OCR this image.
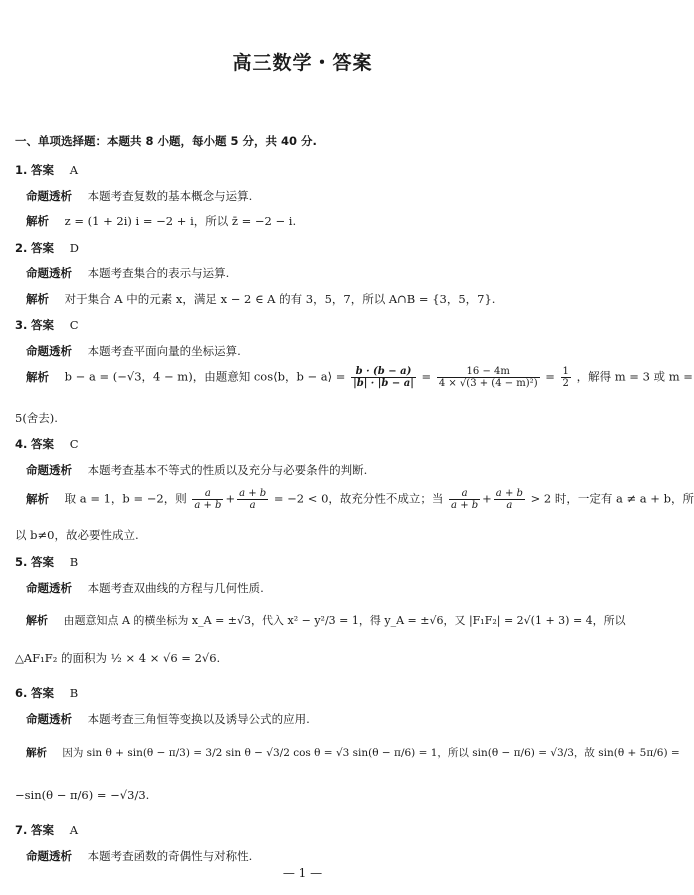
高三数学・答案
一、单项选择题：本题共 8 小题，每小题 5 分，共 40 分.
1. 答案 A
命题透析 本题考查复数的基本概念与运算.
解析 z = (1 + 2i) i = −2 + i，所以 z̄ = −2 − i.
2. 答案 D
命题透析 本题考查集合的表示与运算.
解析 对于集合 A 中的元素 x，满足 x − 2 ∈ A 的有 3，5，7，所以 A∩B = {3，5，7}.
3. 答案 C
命题透析 本题考查平面向量的坐标运算.
解析 b − a = (−√3，4 − m)，由题意知 cos⟨b，b − a⟩ = $\frac{b \cdot (b - a)}{|b| \cdot |b - a|} = \frac{16 - 4m}{\text{4 × √(3 + (4 − m)²)}} = \frac{1}{2}$ ，解得 m = 3 或 m =
5(舍去).
4. 答案 C
命题透析 本题考查基本不等式的性质以及充分与必要条件的判断.
解析 取 a = 1，b = −2，则 $\frac{a}{a + b} + \frac{a + b}{a} = -2 < 0$，故充分性不成立；当 $\frac{a}{a + b} + \frac{a + b}{a} > 2$ 时，一定有 a ≠ a + b，所
以 b≠0，故必要性成立.
5. 答案 B
命题透析 本题考查双曲线的方程与几何性质.
解析 由题意知点 A 的横坐标为 x_A = ±√3，代入 x² − y²/3 = 1，得 y_A = ±√6，又 |F₁F₂| = 2√(1 + 3) = 4，所以
△AF₁F₂ 的面积为 ½ × 4 × √6 = 2√6.
6. 答案 B
命题透析 本题考查三角恒等变换以及诱导公式的应用.
解析 因为 sin θ + sin(θ − π/3) = 3/2 sin θ − √3/2 cos θ = √3 sin(θ − π/6) = 1，所以 sin(θ − π/6) = √3/3，故 sin(θ + 5π/6) =
−sin(θ − π/6) = −√3/3.
7. 答案 A
命题透析 本题考查函数的奇偶性与对称性.
— 1 —
